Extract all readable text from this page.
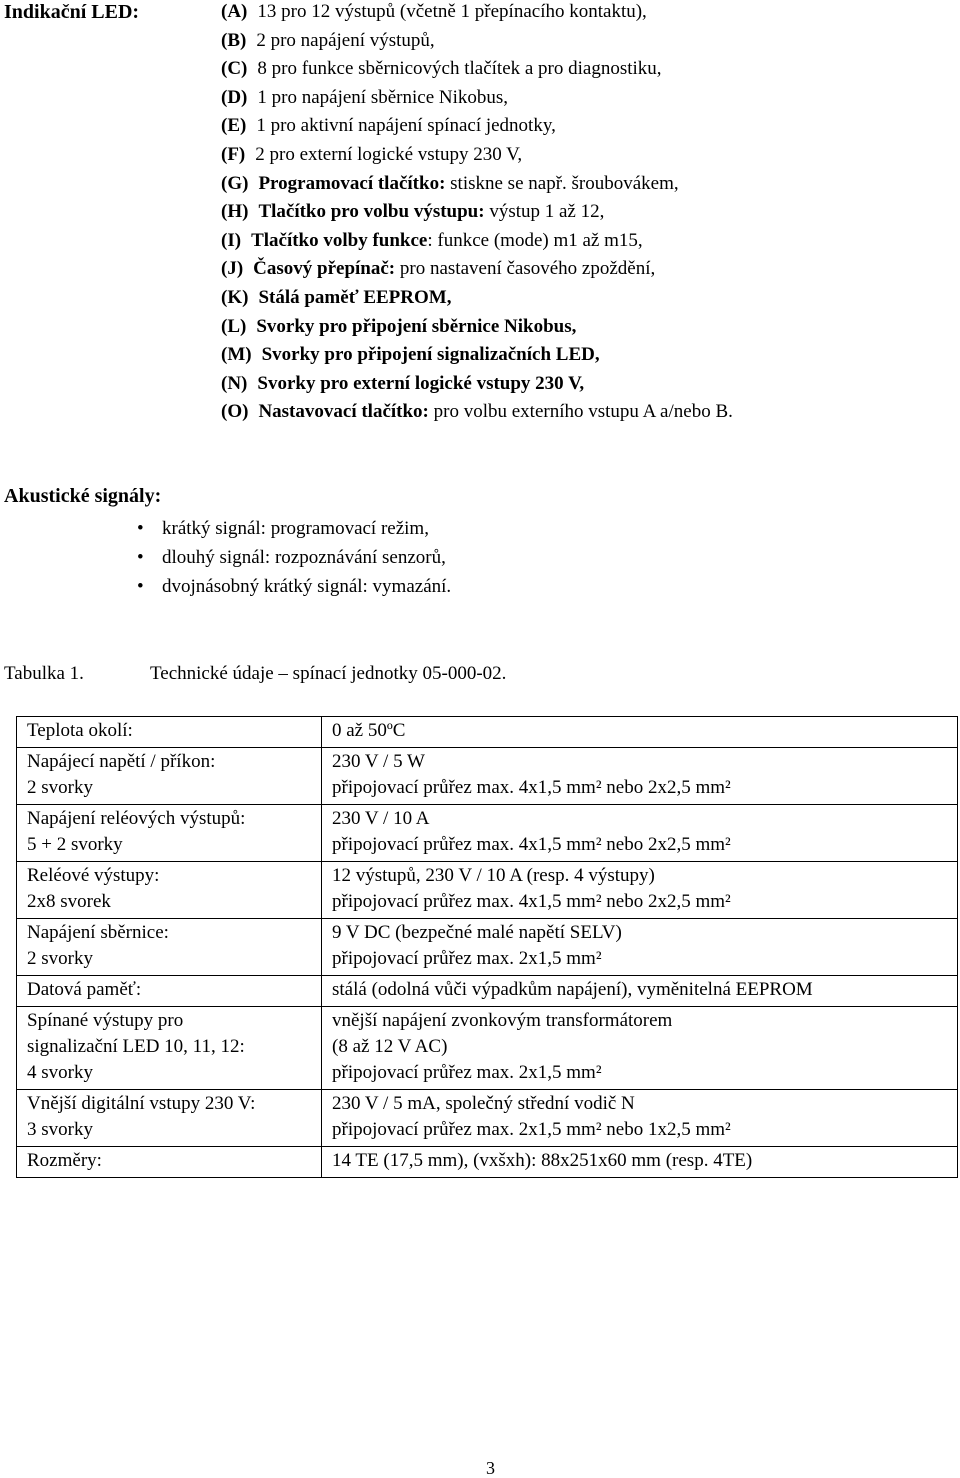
Indikační LED:	(A) 13 pro 12 výstupů (včetně 1 přepínacího kontaktu),
(B) 2 pro napájení výstupů,
(C) 8 pro funkce sběrnicových tlačítek a pro diagnostiku,
(D) 1 pro napájení sběrnice Nikobus,
(E) 1 pro aktivní napájení spínací jednotky,
(F) 2 pro externí logické vstupy 230 V,
(G) Programovací tlačítko: stiskne se např. šroubovákem,
(H) Tlačítko pro volbu výstupu: výstup 1 až 12,
(I) Tlačítko volby funkce: funkce (mode) m1 až m15,
(J) Časový přepínač: pro nastavení časového zpoždění,
(K) Stálá paměť EEPROM,
(L) Svorky pro připojení sběrnice Nikobus,
(M) Svorky pro připojení signalizačních LED,
(N) Svorky pro externí logické vstupy 230 V,
(O) Nastavovací tlačítko: pro volbu externího vstupu A a/nebo B.
Akustické signály:
• krátký signál: programovací režim,
• dlouhý signál: rozpoznávání senzorů,
• dvojnásobný krátký signál: vymazání.
Tabulka 1.	Technické údaje – spínací jednotky 05-000-02.
Teplota okolí:	0 až 50ºC

Napájecí napětí / příkon:
2 svorky	230 V / 5 W
připojovací průřez max. 4x1,5 mm² nebo 2x2,5 mm²

Napájení reléových výstupů:
5 + 2 svorky	230 V / 10 A
připojovací průřez max. 4x1,5 mm² nebo 2x2,5 mm²

Reléové výstupy:
2x8 svorek	12 výstupů, 230 V / 10 A (resp. 4 výstupy)
připojovací průřez max. 4x1,5 mm² nebo 2x2,5 mm²

Napájení sběrnice:
2 svorky	9 V DC (bezpečné malé napětí SELV)
připojovací průřez max. 2x1,5 mm²

Datová paměť:	stálá (odolná vůči výpadkům napájení), vyměnitelná EEPROM

Spínané výstupy pro
signalizační LED 10, 11, 12:
4 svorky	vnější napájení zvonkovým transformátorem
(8 až 12 V AC)
připojovací průřez max. 2x1,5 mm²

Vnější digitální vstupy 230 V:
3 svorky	230 V / 5 mA, společný střední vodič N
připojovací průřez max. 2x1,5 mm² nebo 1x2,5 mm²

Rozměry:	14 TE (17,5 mm), (vxšxh): 88x251x60 mm (resp. 4TE)
3
